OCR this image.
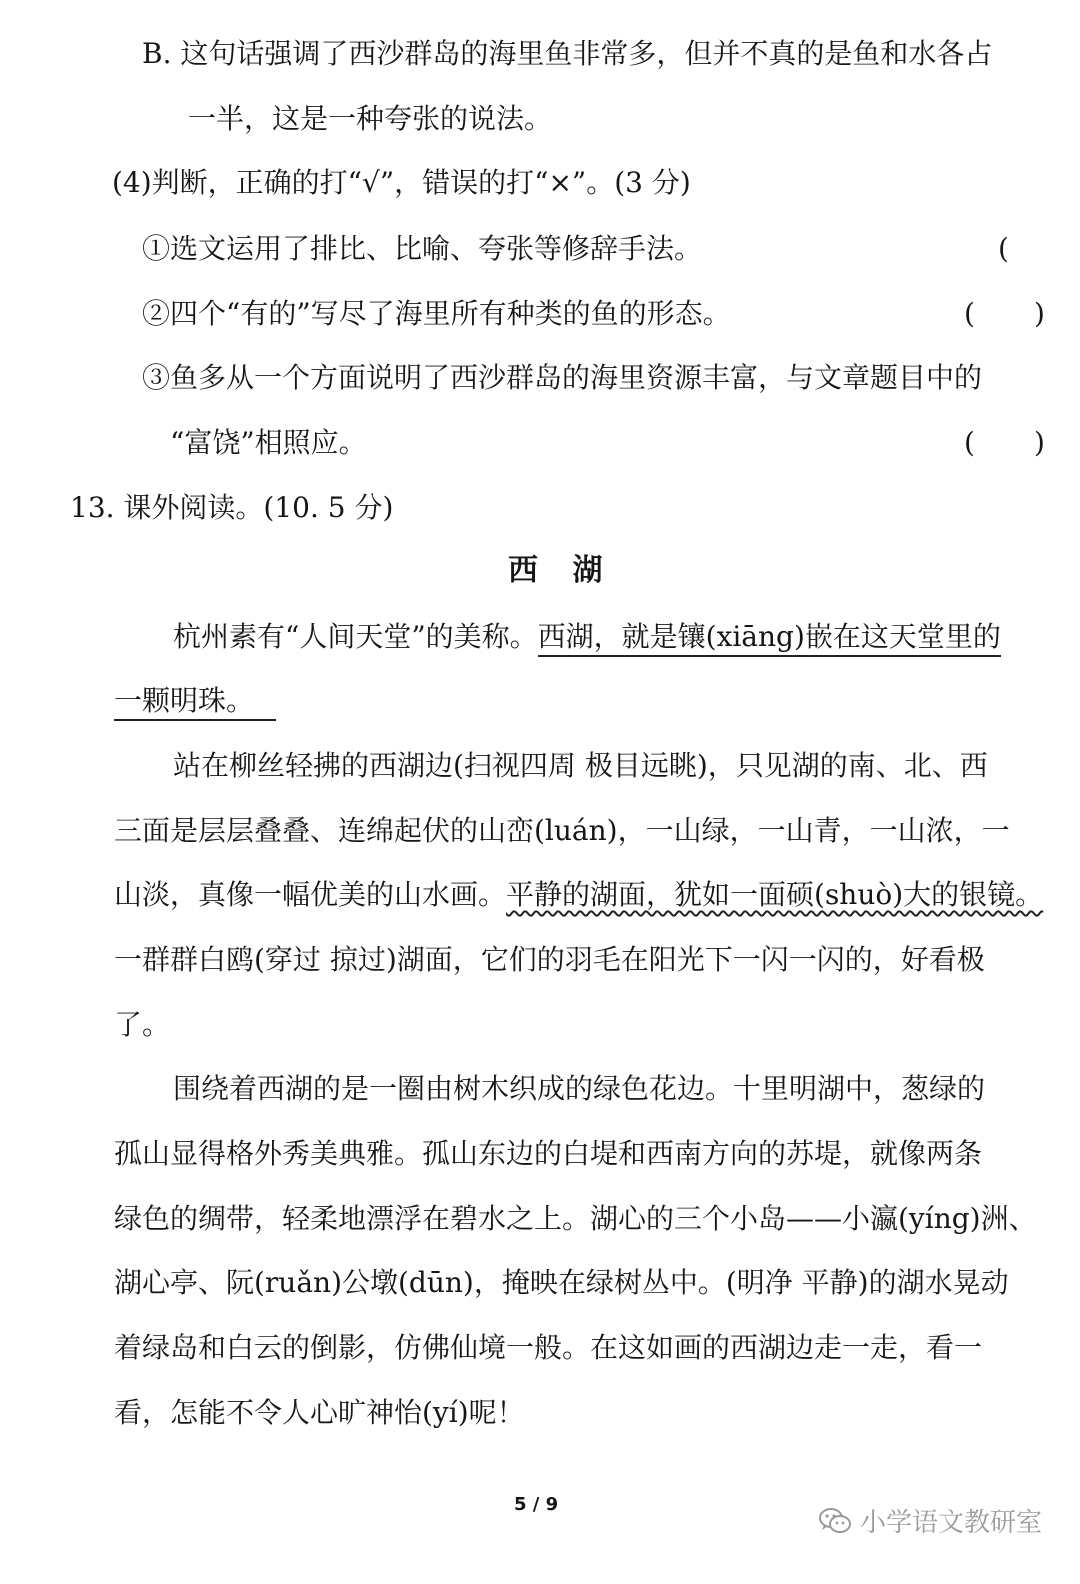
B. 这句话强调了西沙群岛的海里鱼非常多，但并不真的是鱼和水各占
一半，这是一种夸张的说法。
(4)判断，正确的打“√”，错误的打“×”。(3 分)
①选文运用了排比、比喻、夸张等修辞手法。	(
②四个“有的”写尽了海里所有种类的鱼的形态。	( )
③鱼多从一个方面说明了西沙群岛的海里资源丰富，与文章题目中的
“富饶”相照应。	( )
13. 课外阅读。(10. 5 分)
西 湖
杭州素有“人间天堂”的美称。西湖，就是镶(xiāng)嵌在这天堂里的
一颗明珠。
站在柳丝轻拂的西湖边(扫视四周 极目远眺)，只见湖的南、北、西
三面是层层叠叠、连绵起伏的山峦(luán)，一山绿，一山青，一山浓，一
山淡，真像一幅优美的山水画。平静的湖面，犹如一面硕(shuò)大的银镜。
一群群白鸥(穿过 掠过)湖面，它们的羽毛在阳光下一闪一闪的，好看极
了。
围绕着西湖的是一圈由树木织成的绿色花边。十里明湖中，葱绿的
孤山显得格外秀美典雅。孤山东边的白堤和西南方向的苏堤，就像两条
绿色的绸带，轻柔地漂浮在碧水之上。湖心的三个小岛——小瀛(yíng)洲、
湖心亭、阮(ruǎn)公墩(dūn)，掩映在绿树丛中。(明净 平静)的湖水晃动
着绿岛和白云的倒影，仿佛仙境一般。在这如画的西湖边走一走，看一
看，怎能不令人心旷神怡(yí)呢！
5 / 9
小学语文教研室
